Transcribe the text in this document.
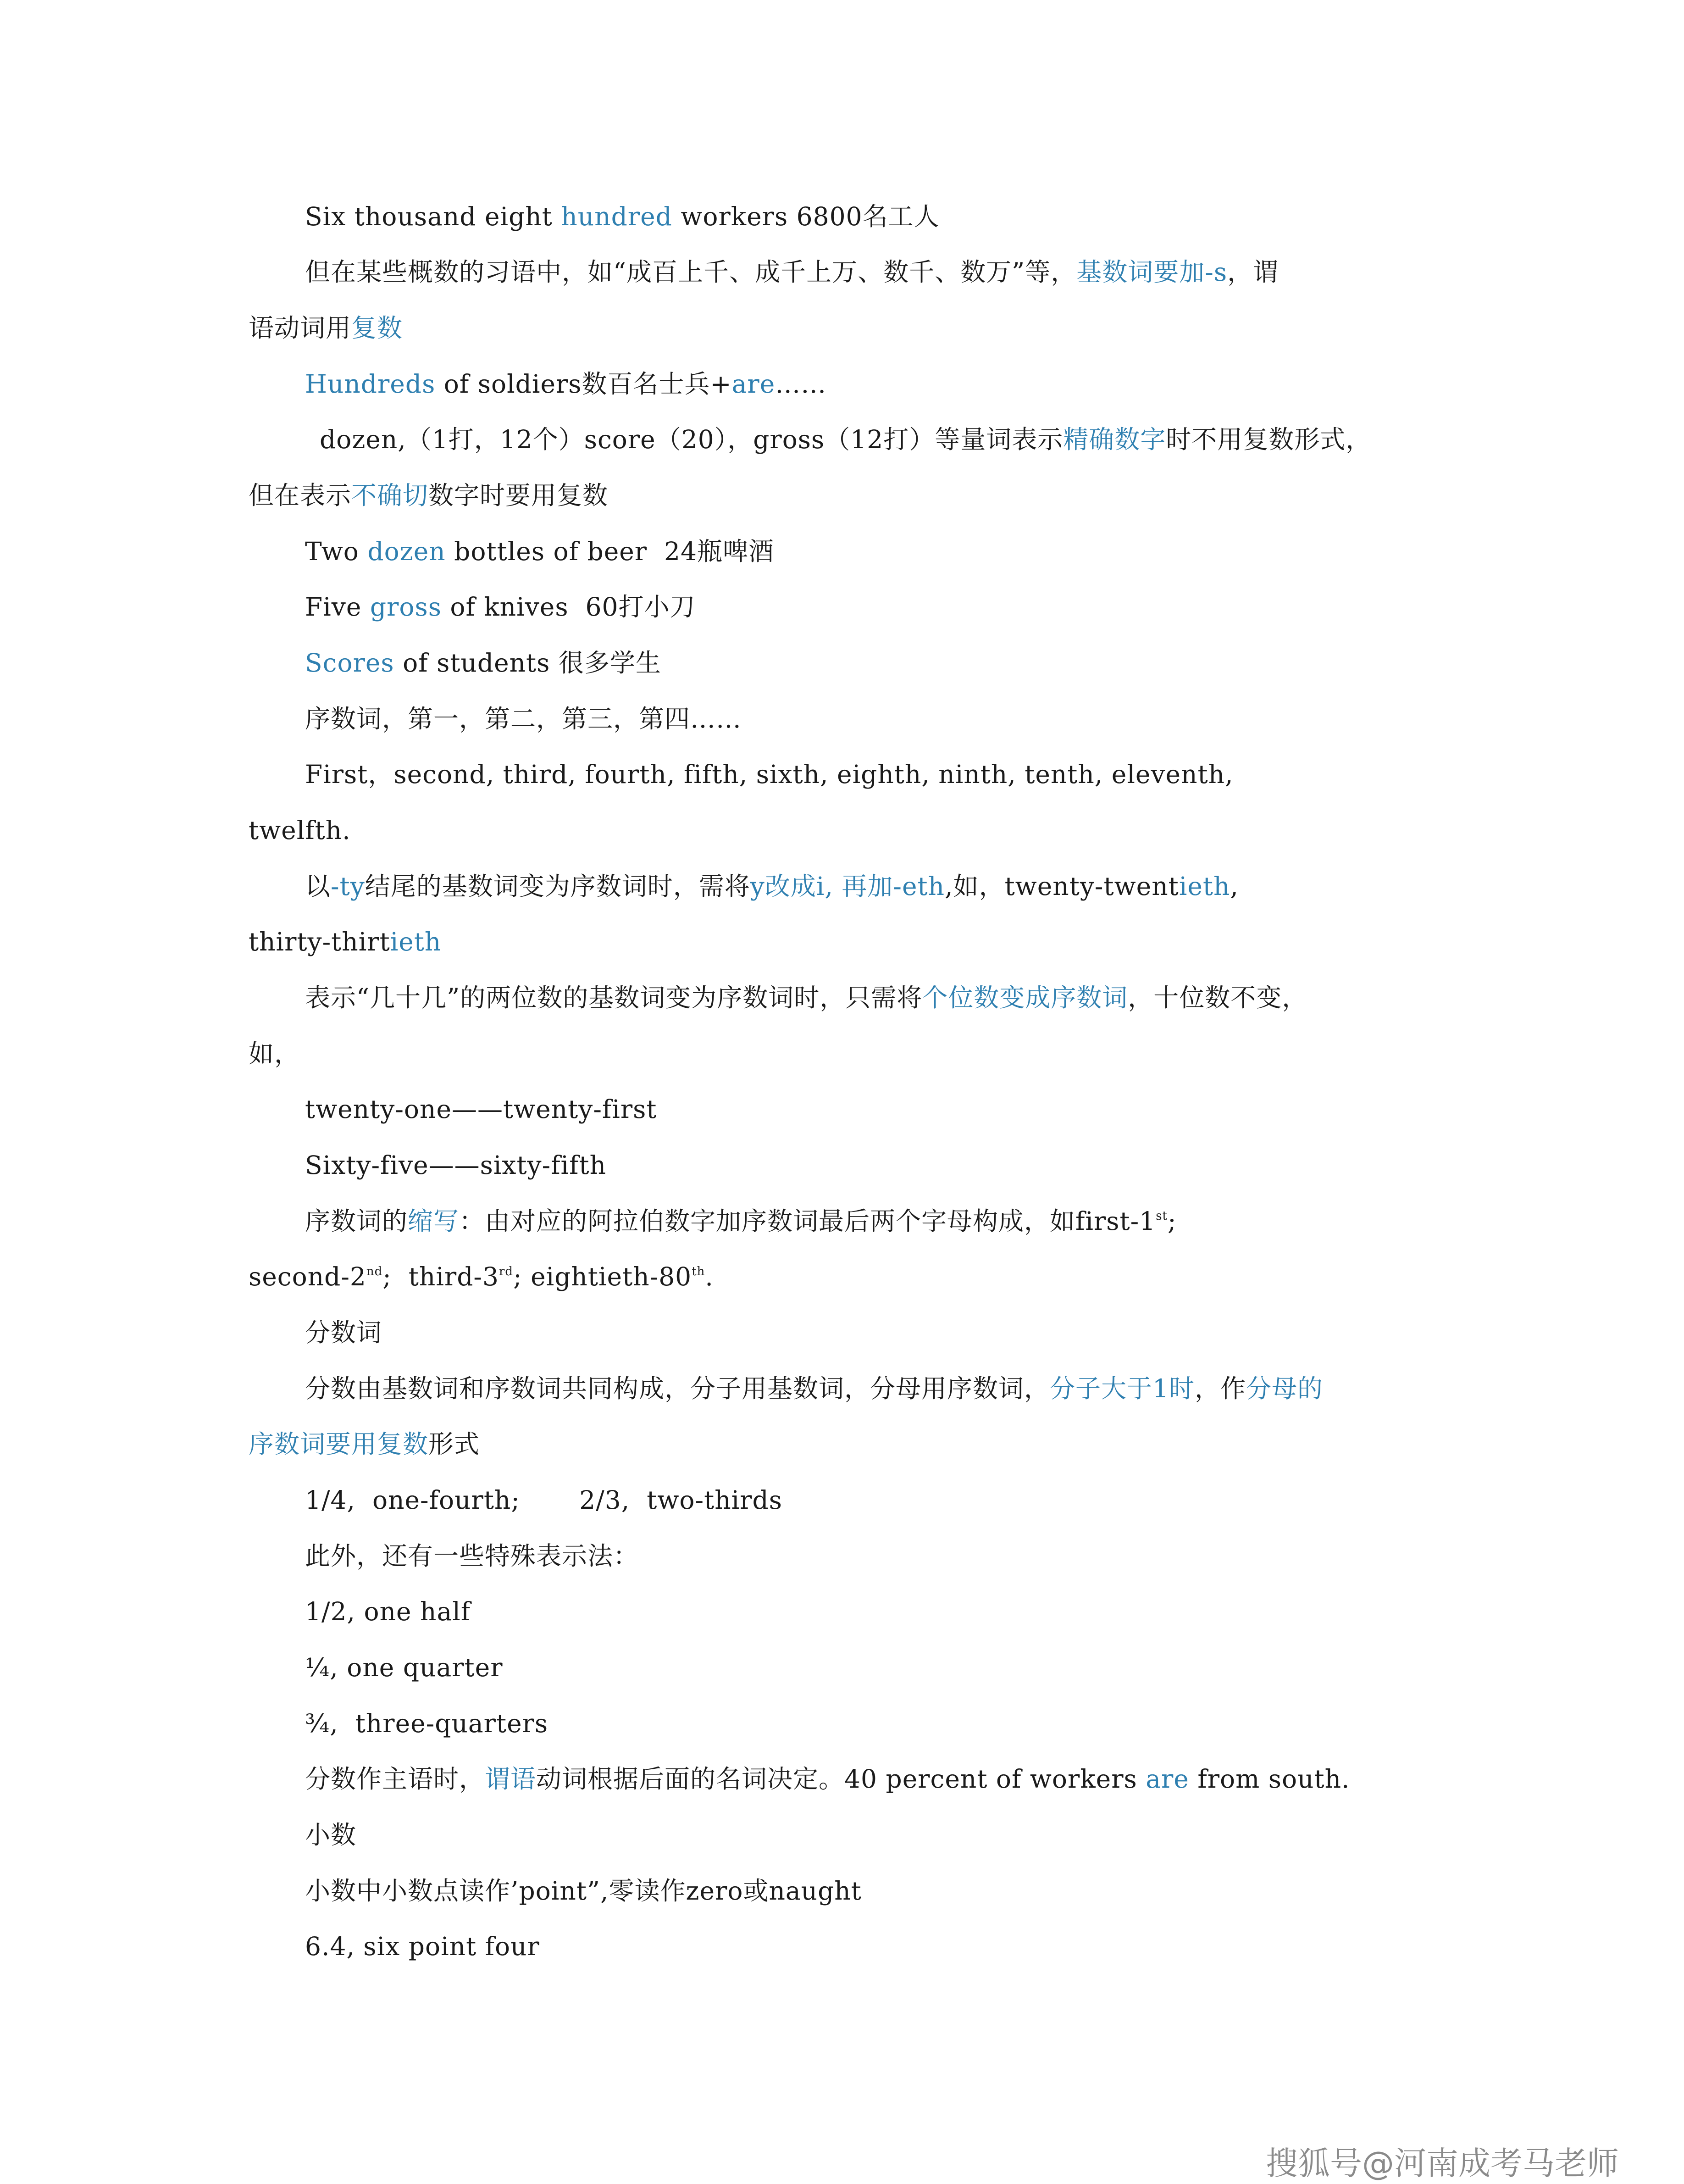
Six thousand eight hundred workers 6800名工人
但在某些概数的习语中，如“成百上千、成千上万、数千、数万”等，基数词要加-s，谓
语动词用复数
Hundreds of soldiers数百名士兵+are……
dozen,（1打，12个）score（20），gross（12打）等量词表示精确数字时不用复数形式，
但在表示不确切数字时要用复数
Two dozen bottles of beer  24瓶啤酒
Five gross of knives  60打小刀
Scores of students 很多学生
序数词，第一，第二，第三，第四……
First，second, third, fourth, fifth, sixth, eighth, ninth, tenth, eleventh,
twelfth.
以-ty结尾的基数词变为序数词时，需将y改成i, 再加-eth,如，twenty-twentieth,
thirty-thirtieth
表示“几十几”的两位数的基数词变为序数词时，只需将个位数变成序数词，十位数不变，
如，
twenty-one——twenty-first
Sixty-five——sixty-fifth
序数词的缩写：由对应的阿拉伯数字加序数词最后两个字母构成，如first-1st;
second-2nd;  third-3rd; eightieth-80th.
分数词
分数由基数词和序数词共同构成，分子用基数词，分母用序数词，分子大于1时，作分母的
序数词要用复数形式
1/4,  one-fourth;       2/3,  two-thirds
此外，还有一些特殊表示法：
1/2, one half
¼, one quarter
¾,  three-quarters
分数作主语时，谓语动词根据后面的名词决定。40 percent of workers are from south.
小数
小数中小数点读作’point”,零读作zero或naught
6.4, six point four
搜狐号@河南成考马老师
